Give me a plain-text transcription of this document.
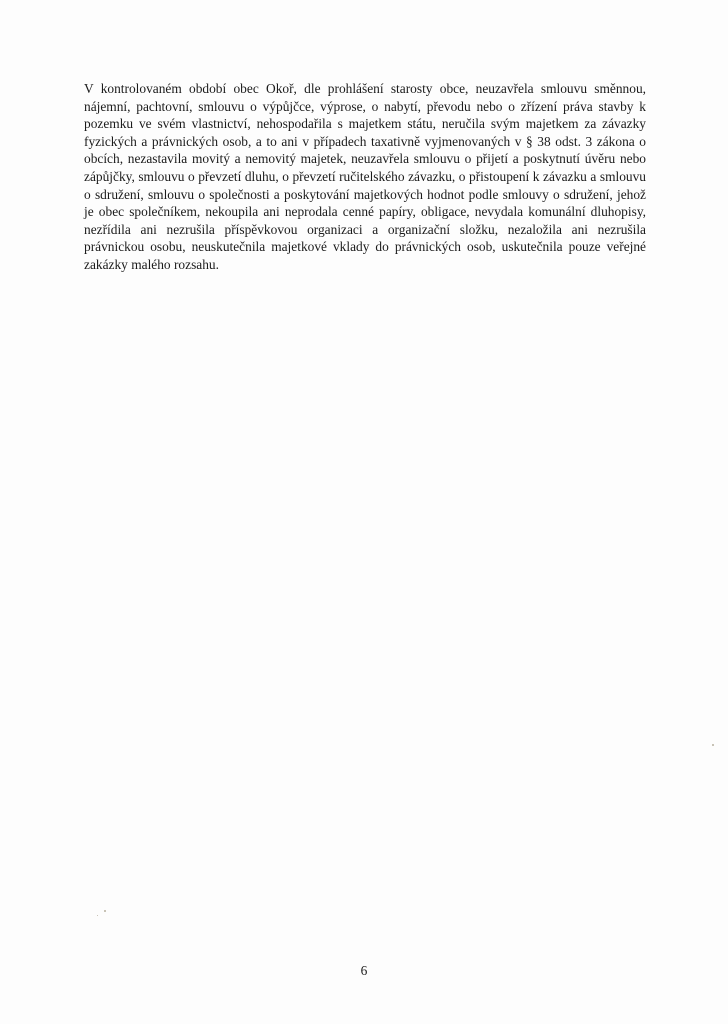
V kontrolovaném období obec Okoř, dle prohlášení starosty obce, neuzavřela smlouvu směnnou, nájemní, pachtovní, smlouvu o výpůjčce, výprose, o nabytí, převodu nebo o zřízení práva stavby k pozemku ve svém vlastnictví, nehospodařila s majetkem státu, neručila svým majetkem za závazky fyzických a právnických osob, a to ani v případech taxativně vyjmenovaných v § 38 odst. 3 zákona o obcích, nezastavila movitý a nemovitý majetek, neuzavřela smlouvu o přijetí a poskytnutí úvěru nebo zápůjčky, smlouvu o převzetí dluhu, o převzetí ručitelského závazku, o přistoupení k závazku a smlouvu o sdružení, smlouvu o společnosti a poskytování majetkových hodnot podle smlouvy o sdružení, jehož je obec společníkem, nekoupila ani neprodala cenné papíry, obligace, nevydala komunální dluhopisy, nezřídila ani nezrušila příspěvkovou organizaci a organizační složku, nezaložila ani nezrušila právnickou osobu, neuskutečnila majetkové vklady do právnických osob, uskutečnila pouze veřejné zakázky malého rozsahu.

6
